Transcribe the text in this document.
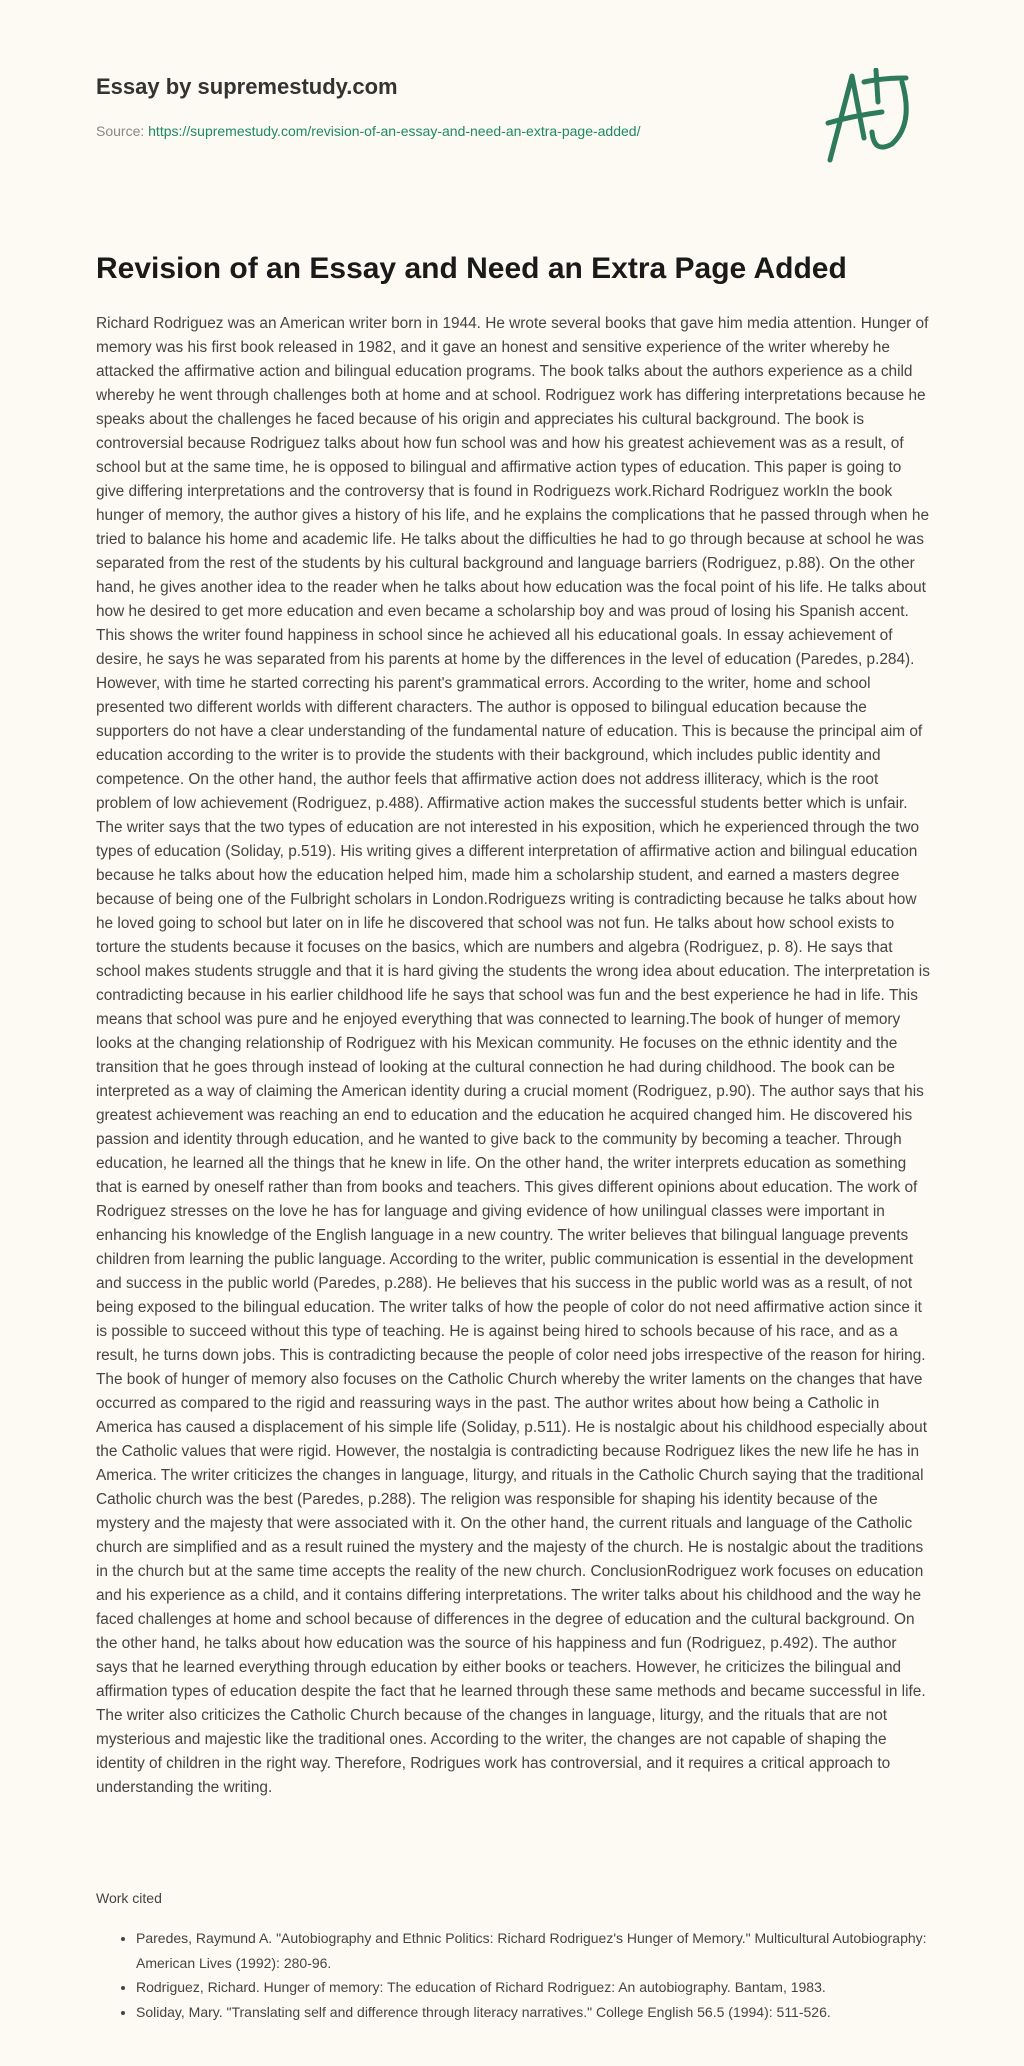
Essay by supremestudy.com
Source: https://supremestudy.com/revision-of-an-essay-and-need-an-extra-page-added/
Revision of an Essay and Need an Extra Page Added

Richard Rodriguez was an American writer born in 1944. He wrote several books that gave him media attention. Hunger of memory was his first book released in 1982, and it gave an honest and sensitive experience of the writer whereby he attacked the affirmative action and bilingual education programs. The book talks about the authors experience as a child whereby he went through challenges both at home and at school. Rodriguez work has differing interpretations because he speaks about the challenges he faced because of his origin and appreciates his cultural background. The book is controversial because Rodriguez talks about how fun school was and how his greatest achievement was as a result, of school but at the same time, he is opposed to bilingual and affirmative action types of education. This paper is going to give differing interpretations and the controversy that is found in Rodriguezs work.Richard Rodriguez workIn the book hunger of memory, the author gives a history of his life, and he explains the complications that he passed through when he tried to balance his home and academic life. He talks about the difficulties he had to go through because at school he was separated from the rest of the students by his cultural background and language barriers (Rodriguez, p.88). On the other hand, he gives another idea to the reader when he talks about how education was the focal point of his life. He talks about how he desired to get more education and even became a scholarship boy and was proud of losing his Spanish accent. This shows the writer found happiness in school since he achieved all his educational goals. In essay achievement of desire, he says he was separated from his parents at home by the differences in the level of education (Paredes, p.284). However, with time he started correcting his parent's grammatical errors. According to the writer, home and school presented two different worlds with different characters. The author is opposed to bilingual education because the supporters do not have a clear understanding of the fundamental nature of education. This is because the principal aim of education according to the writer is to provide the students with their background, which includes public identity and competence. On the other hand, the author feels that affirmative action does not address illiteracy, which is the root problem of low achievement (Rodriguez, p.488). Affirmative action makes the successful students better which is unfair. The writer says that the two types of education are not interested in his exposition, which he experienced through the two types of education (Soliday, p.519). His writing gives a different interpretation of affirmative action and bilingual education because he talks about how the education helped him, made him a scholarship student, and earned a masters degree because of being one of the Fulbright scholars in London.Rodriguezs writing is contradicting because he talks about how he loved going to school but later on in life he discovered that school was not fun. He talks about how school exists to torture the students because it focuses on the basics, which are numbers and algebra (Rodriguez, p. 8). He says that school makes students struggle and that it is hard giving the students the wrong idea about education. The interpretation is contradicting because in his earlier childhood life he says that school was fun and the best experience he had in life. This means that school was pure and he enjoyed everything that was connected to learning.The book of hunger of memory looks at the changing relationship of Rodriguez with his Mexican community. He focuses on the ethnic identity and the transition that he goes through instead of looking at the cultural connection he had during childhood. The book can be interpreted as a way of claiming the American identity during a crucial moment (Rodriguez, p.90). The author says that his greatest achievement was reaching an end to education and the education he acquired changed him. He discovered his passion and identity through education, and he wanted to give back to the community by becoming a teacher. Through education, he learned all the things that he knew in life. On the other hand, the writer interprets education as something that is earned by oneself rather than from books and teachers. This gives different opinions about education. The work of Rodriguez stresses on the love he has for language and giving evidence of how unilingual classes were important in enhancing his knowledge of the English language in a new country. The writer believes that bilingual language prevents children from learning the public language. According to the writer, public communication is essential in the development and success in the public world (Paredes, p.288). He believes that his success in the public world was as a result, of not being exposed to the bilingual education. The writer talks of how the people of color do not need affirmative action since it is possible to succeed without this type of teaching. He is against being hired to schools because of his race, and as a result, he turns down jobs. This is contradicting because the people of color need jobs irrespective of the reason for hiring. The book of hunger of memory also focuses on the Catholic Church whereby the writer laments on the changes that have occurred as compared to the rigid and reassuring ways in the past. The author writes about how being a Catholic in America has caused a displacement of his simple life (Soliday, p.511). He is nostalgic about his childhood especially about the Catholic values that were rigid. However, the nostalgia is contradicting because Rodriguez likes the new life he has in America. The writer criticizes the changes in language, liturgy, and rituals in the Catholic Church saying that the traditional Catholic church was the best (Paredes, p.288). The religion was responsible for shaping his identity because of the mystery and the majesty that were associated with it. On the other hand, the current rituals and language of the Catholic church are simplified and as a result ruined the mystery and the majesty of the church. He is nostalgic about the traditions in the church but at the same time accepts the reality of the new church. ConclusionRodriguez work focuses on education and his experience as a child, and it contains differing interpretations. The writer talks about his childhood and the way he faced challenges at home and school because of differences in the degree of education and the cultural background. On the other hand, he talks about how education was the source of his happiness and fun (Rodriguez, p.492). The author says that he learned everything through education by either books or teachers. However, he criticizes the bilingual and affirmation types of education despite the fact that he learned through these same methods and became successful in life. The writer also criticizes the Catholic Church because of the changes in language, liturgy, and the rituals that are not mysterious and majestic like the traditional ones. According to the writer, the changes are not capable of shaping the identity of children in the right way. Therefore, Rodrigues work has controversial, and it requires a critical approach to understanding the writing.

Work cited

• Paredes, Raymund A. "Autobiography and Ethnic Politics: Richard Rodriguez's Hunger of Memory." Multicultural Autobiography: American Lives (1992): 280-96.
• Rodriguez, Richard. Hunger of memory: The education of Richard Rodriguez: An autobiography. Bantam, 1983.
• Soliday, Mary. "Translating self and difference through literacy narratives." College English 56.5 (1994): 511-526.
